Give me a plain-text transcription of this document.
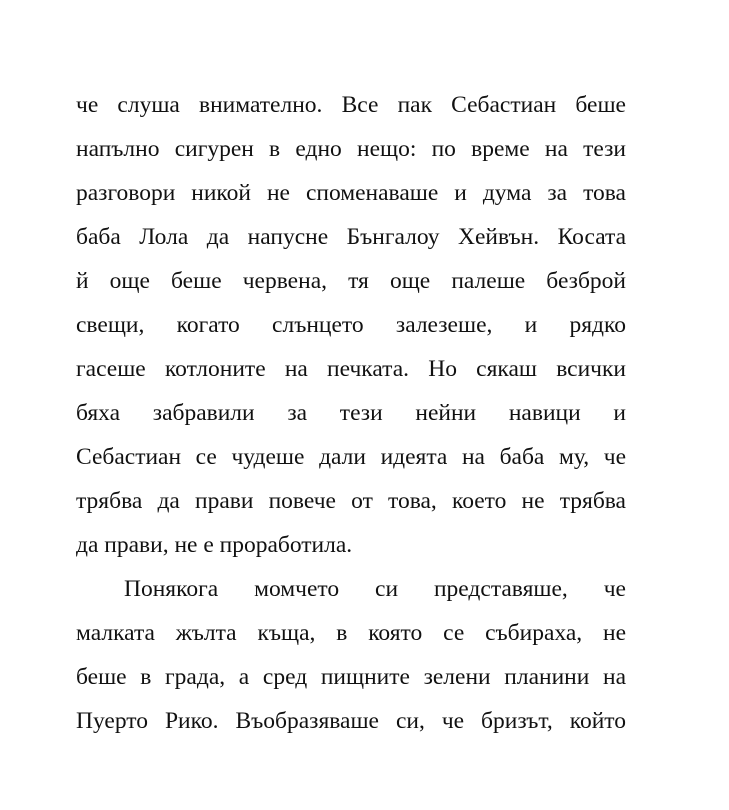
че слуша внимателно. Все пак Себастиан беше
напълно сигурен в едно нещо: по време на тези
разговори никой не споменаваше и дума за това
баба Лола да напусне Бънгалоу Хейвън. Косата
й още беше червена, тя още палеше безброй
свещи, когато слънцето залезеше, и рядко
гасеше котлоните на печката. Но сякаш всички
бяха забравили за тези нейни навици и
Себастиан се чудеше дали идеята на баба му, че
трябва да прави повече от това, което не трябва
да прави, не е проработила.
Понякога момчето си представяше, че
малката жълта къща, в която се събираха, не
беше в града, а сред пищните зелени планини на
Пуерто Рико. Въобразяваше си, че бризът, който
